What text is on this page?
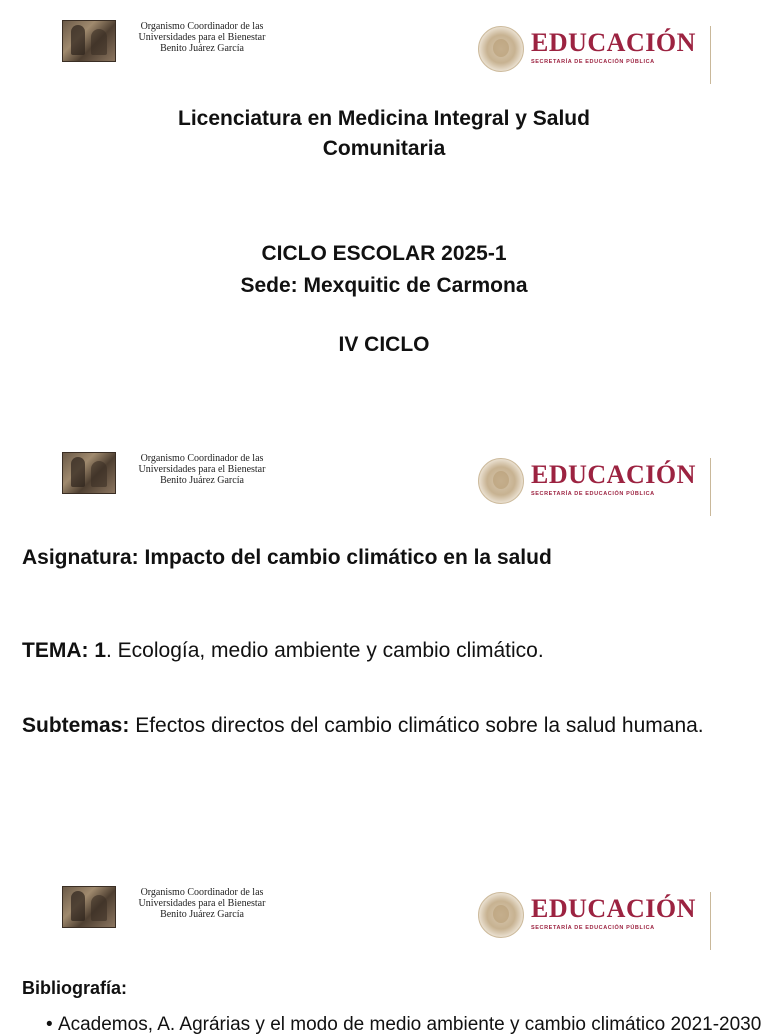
Organismo Coordinador de las
Universidades para el Bienestar
Benito Juárez García	EDUCACIÓN
SECRETARÍA DE EDUCACIÓN PÚBLICA
Licenciatura en Medicina Integral y Salud
Comunitaria
CICLO ESCOLAR 2025-1
Sede: Mexquitic de Carmona
IV CICLO
Organismo Coordinador de las
Universidades para el Bienestar
Benito Juárez García	EDUCACIÓN
SECRETARÍA DE EDUCACIÓN PÚBLICA
Asignatura: Impacto del cambio climático en la salud
TEMA: 1. Ecología, medio ambiente y cambio climático.
Subtemas: Efectos directos del cambio climático sobre la salud humana.
Organismo Coordinador de las
Universidades para el Bienestar
Benito Juárez García	EDUCACIÓN
SECRETARÍA DE EDUCACIÓN PÚBLICA
Bibliografía:
• Academos, A. Agrárias y el modo de medio ambiente y cambio climático 2021-2030
